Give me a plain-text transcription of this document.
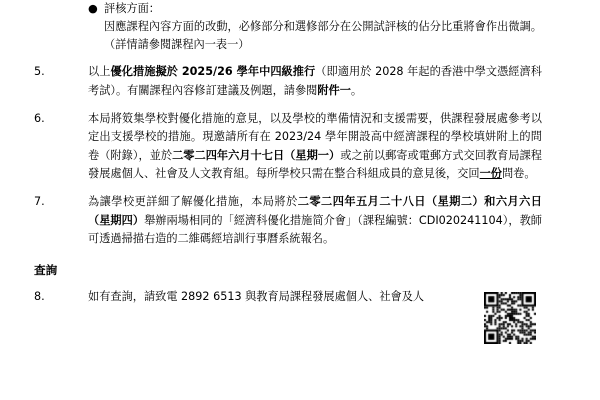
● 評核方面：
因應課程內容方面的改動，必修部分和選修部分在公開試評核的佔分比重將會作出微調。（詳情請參閱課程內一表一）
5.	以上優化措施擬於 2025/26 學年中四級推行（即適用於 2028 年起的香港中學文憑經濟科考試）。有關課程內容修訂建議及例題，請參閱附件一。
6.	本局將笯集學校對優化措施的意見，以及學校的準備情況和支援需要，供課程發展處參考以定出支援學校的措施。現邀請所有在 2023/24 學年開設高中經濟課程的學校填妌附上的問卷（附錄），並於二零二四年六月十七日（星期一）或之前以郵寄或電郵方式交回教育局課程發展處個人、社會及人文教育組。每所學校只需在整合科組成員的意見後，交回一份問卷。
7.	為讓學校更詳細了解優化措施，本局將於二零二四年五月二十八日（星期二）和六月六日（星期四）舉辦兩場相同的「經濟科優化措施简介會」（課程編號：CDI020241104），教師可透過掃描右造的二維碼經培訓行事曆系統報名。
查詢
8.	如有查詢，請致電 2892 6513 與教育局課程發展處個人、社會及人
